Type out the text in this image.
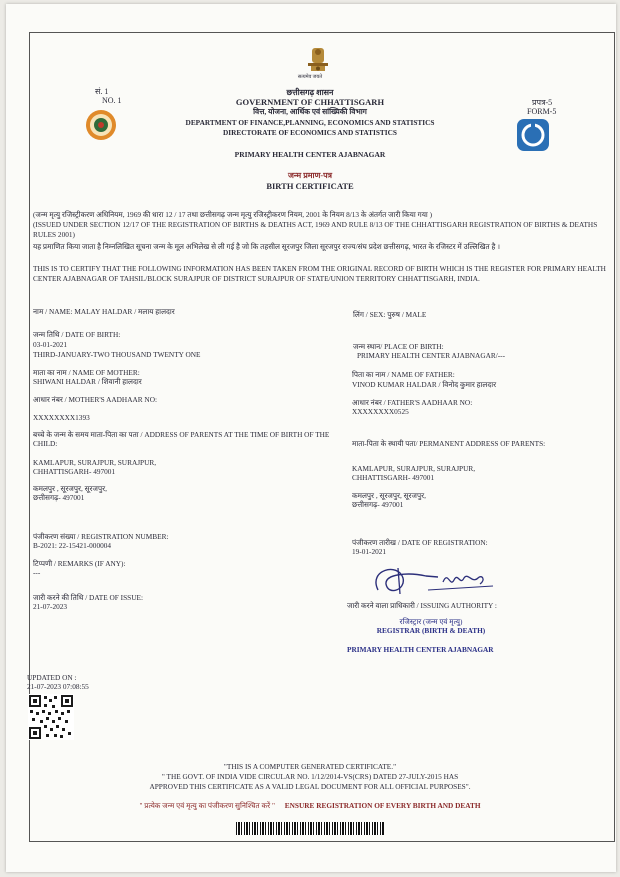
सत्यमेव जयते
सं. 1
NO. 1	प्रपत्र-5
FORM-5
छत्तीसगढ़ शासन
GOVERNMENT OF CHHATTISGARH
वित्त, योजना, आर्थिक एवं सांख्यिकी विभाग
DEPARTMENT OF FINANCE,PLANNING, ECONOMICS AND STATISTICS
DIRECTORATE OF ECONOMICS AND STATISTICS
PRIMARY HEALTH CENTER AJABNAGAR
जन्म प्रमाण-पत्र
BIRTH CERTIFICATE
(जन्म मृत्यु रजिस्ट्रीकरण अधिनियम, 1969 की धारा 12 / 17 तथा छत्तीसगढ़ जन्म मृत्यु रजिस्ट्रीकरण नियम, 2001 के नियम 8/13 के अंतर्गत जारी किया गया )
(ISSUED UNDER SECTION 12/17 OF THE REGISTRATION OF BIRTHS & DEATHS ACT, 1969 AND RULE 8/13 OF THE CHHATTISGARH REGISTRATION OF BIRTHS & DEATHS RULES 2001)
यह प्रमाणित किया जाता है निम्नलिखित सूचना जन्म के मूल अभिलेख से ली गई है जो कि तहसील सूरजपुर जिला सूरजपुर राज्य/संघ प्रदेश छत्तीसगढ़, भारत के रजिस्टर में उल्लिखित है ।
THIS IS TO CERTIFY THAT THE FOLLOWING INFORMATION HAS BEEN TAKEN FROM THE ORIGINAL RECORD OF BIRTH WHICH IS THE REGISTER FOR PRIMARY HEALTH CENTER AJABNAGAR OF TAHSIL/BLOCK SURAJPUR OF DISTRICT SURAJPUR OF STATE/UNION TERRITORY CHHATTISGARH, INDIA.
नाम / NAME: MALAY HALDAR / मलाय हालदार	लिंग / SEX: पुरुष / MALE
जन्म तिथि / DATE OF BIRTH:
03-01-2021
THIRD-JANUARY-TWO THOUSAND TWENTY ONE
जन्म स्थान/ PLACE OF BIRTH:
PRIMARY HEALTH CENTER AJABNAGAR/---
माता का नाम / NAME OF MOTHER:
SHIWANI HALDAR / शिवानी हालदार
पिता का नाम / NAME OF FATHER:
VINOD KUMAR HALDAR / विनोद कुमार हालदार
आधार नंबर / MOTHER'S AADHAAR NO:
XXXXXXXX1393
आधार नंबर / FATHER'S AADHAAR NO:
XXXXXXXX0525
बच्चे के जन्म के समय माता-पिता का पता / ADDRESS OF PARENTS AT THE TIME OF BIRTH OF THE CHILD:
KAMLAPUR, SURAJPUR, SURAJPUR,
CHHATTISGARH- 497001
कमलपुर , सूरजपुर, सूरजपुर,
छत्तीसगढ़- 497001
माता-पिता के स्थायी पता/ PERMANENT ADDRESS OF PARENTS:
KAMLAPUR, SURAJPUR, SURAJPUR,
CHHATTISGARH- 497001
कमलपुर , सूरजपुर, सूरजपुर,
छत्तीसगढ़- 497001
पंजीकरण संख्या / REGISTRATION NUMBER:
B-2021: 22-15421-000004	पंजीकरण तारीख / DATE OF REGISTRATION:
19-01-2021
टिप्पणी / REMARKS (IF ANY):
---
जारी करने की तिथि / DATE OF ISSUE:
21-07-2023	जारी करने वाला प्राधिकारी / ISSUING AUTHORITY :
रजिस्ट्रार (जन्म एवं मृत्यु)
REGISTRAR (BIRTH & DEATH)
PRIMARY HEALTH CENTER AJABNAGAR
UPDATED ON :
21-07-2023 07:08:55
"THIS IS A COMPUTER GENERATED CERTIFICATE."
" THE GOVT. OF INDIA VIDE CIRCULAR NO. 1/12/2014-VS(CRS) DATED 27-JULY-2015 HAS
APPROVED THIS CERTIFICATE AS A VALID LEGAL DOCUMENT FOR ALL OFFICIAL PURPOSES".
" प्रत्येक जन्म एवं मृत्यु का पंजीकरण सुनिश्चित करें " ENSURE REGISTRATION OF EVERY BIRTH AND DEATH
